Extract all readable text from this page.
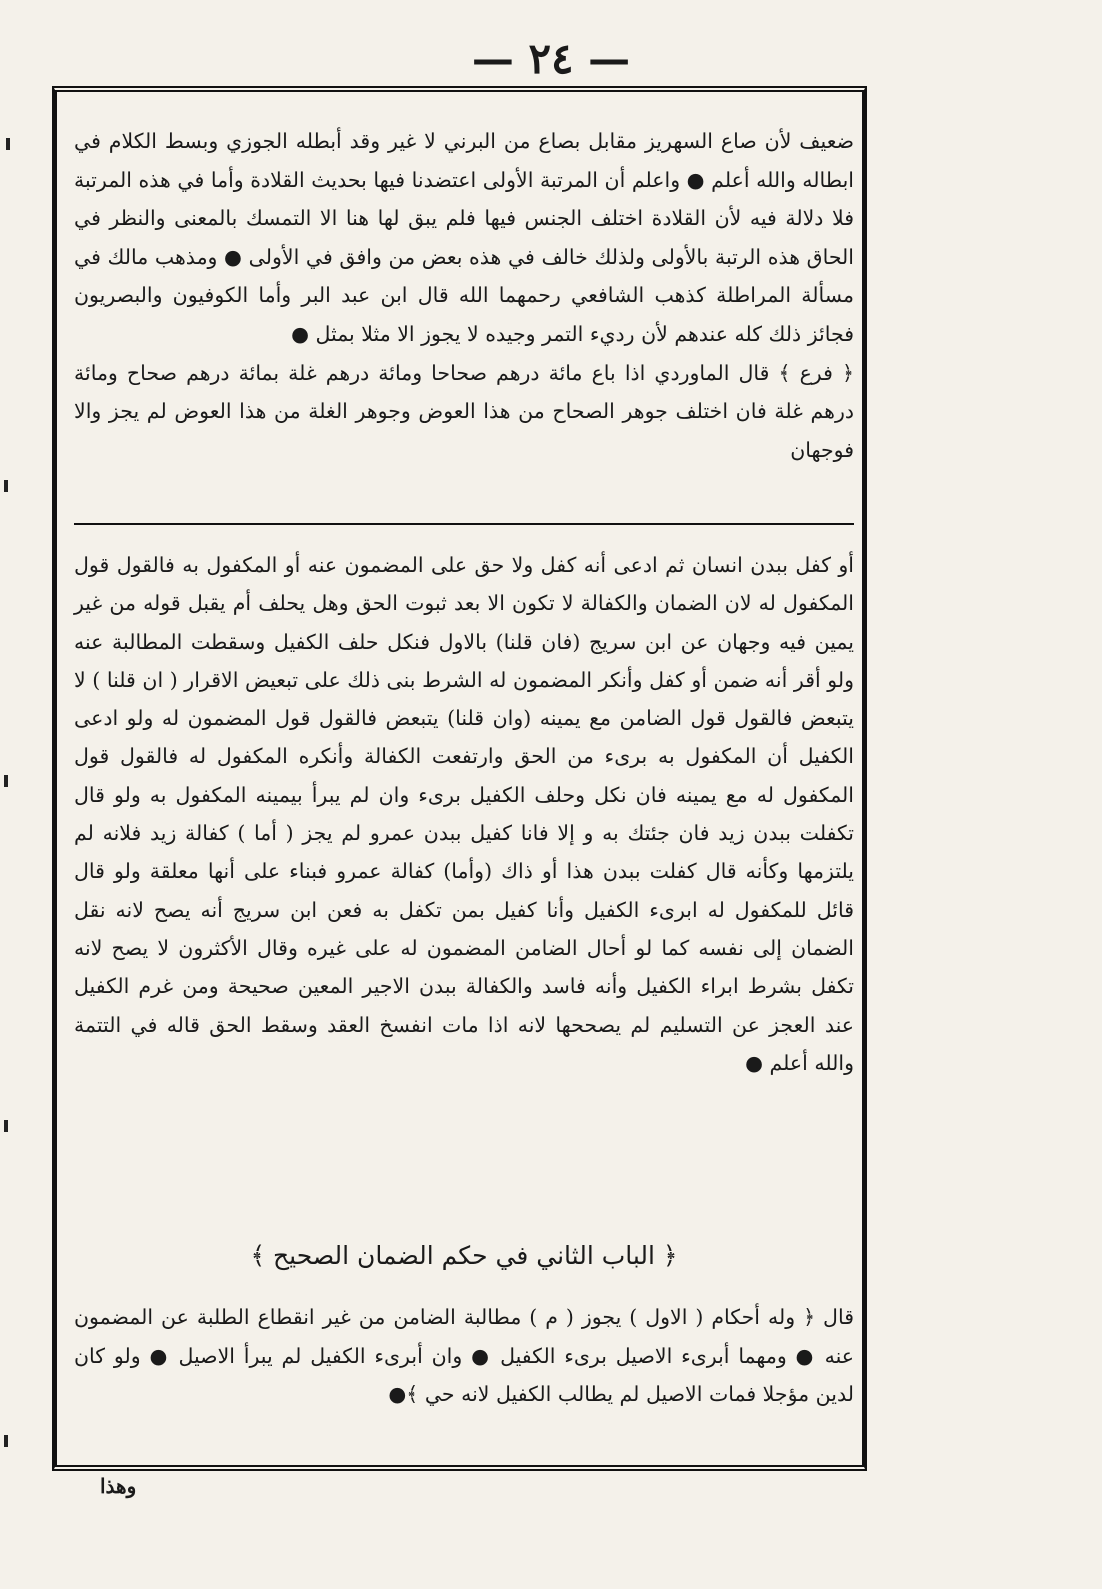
— ٢٤ —

ضعيف لأن صاع السهريز مقابل بصاع من البرني لا غير وقد أبطله الجوزي وبسط الكلام في ابطاله والله أعلم ● واعلم أن المرتبة الأولى اعتضدنا فيها بحديث القلادة وأما في هذه المرتبة فلا دلالة فيه لأن القلادة اختلف الجنس فيها فلم يبق لها هنا الا التمسك بالمعنى والنظر في الحاق هذه الرتبة بالأولى ولذلك خالف في هذه بعض من وافق في الأولى ● ومذهب مالك في مسألة المراطلة كذهب الشافعي رحمهما الله قال ابن عبد البر وأما الكوفيون والبصريون فجائز ذلك كله عندهم لأن رديء التمر وجيده لا يجوز الا مثلا بمثل ●

﴿ فرع ﴾ قال الماوردي اذا باع مائة درهم صحاحا ومائة درهم غلة بمائة درهم صحاح ومائة درهم غلة فان اختلف جوهر الصحاح من هذا العوض وجوهر الغلة من هذا العوض لم يجز والا فوجهان

أو كفل ببدن انسان ثم ادعى أنه كفل ولا حق على المضمون عنه أو المكفول به فالقول قول المكفول له لان الضمان والكفالة لا تكون الا بعد ثبوت الحق وهل يحلف أم يقبل قوله من غير يمين فيه وجهان عن ابن سريج (فان قلنا) بالاول فنكل حلف الكفيل وسقطت المطالبة عنه ولو أقر أنه ضمن أو كفل وأنكر المضمون له الشرط بنى ذلك على تبعيض الاقرار ( ان قلنا ) لا يتبعض فالقول قول الضامن مع يمينه (وان قلنا) يتبعض فالقول قول المضمون له ولو ادعى الكفيل أن المكفول به برىء من الحق وارتفعت الكفالة وأنكره المكفول له فالقول قول المكفول له مع يمينه فان نكل وحلف الكفيل برىء وان لم يبرأ بيمينه المكفول به ولو قال تكفلت ببدن زيد فان جئتك به و إلا فانا كفيل ببدن عمرو لم يجز ( أما ) كفالة زيد فلانه لم يلتزمها وكأنه قال كفلت ببدن هذا أو ذاك (وأما) كفالة عمرو فبناء على أنها معلقة ولو قال قائل للمكفول له ابرىء الكفيل وأنا كفيل بمن تكفل به فعن ابن سريج أنه يصح لانه نقل الضمان إلى نفسه كما لو أحال الضامن المضمون له على غيره وقال الأكثرون لا يصح لانه تكفل بشرط ابراء الكفيل وأنه فاسد والكفالة ببدن الاجير المعين صحيحة ومن غرم الكفيل عند العجز عن التسليم لم يصححها لانه اذا مات انفسخ العقد وسقط الحق قاله في التتمة والله أعلم ●

﴿ الباب الثاني في حكم الضمان الصحيح ﴾
قال ﴿ وله أحكام ( الاول ) يجوز ( م ) مطالبة الضامن من غير انقطاع الطلبة عن المضمون عنه ● ومهما أبرىء الاصيل برىء الكفيل ● وان أبرىء الكفيل لم يبرأ الاصيل ● ولو كان لدين مؤجلا فمات الاصيل لم يطالب الكفيل لانه حي ﴾●
وهذا
